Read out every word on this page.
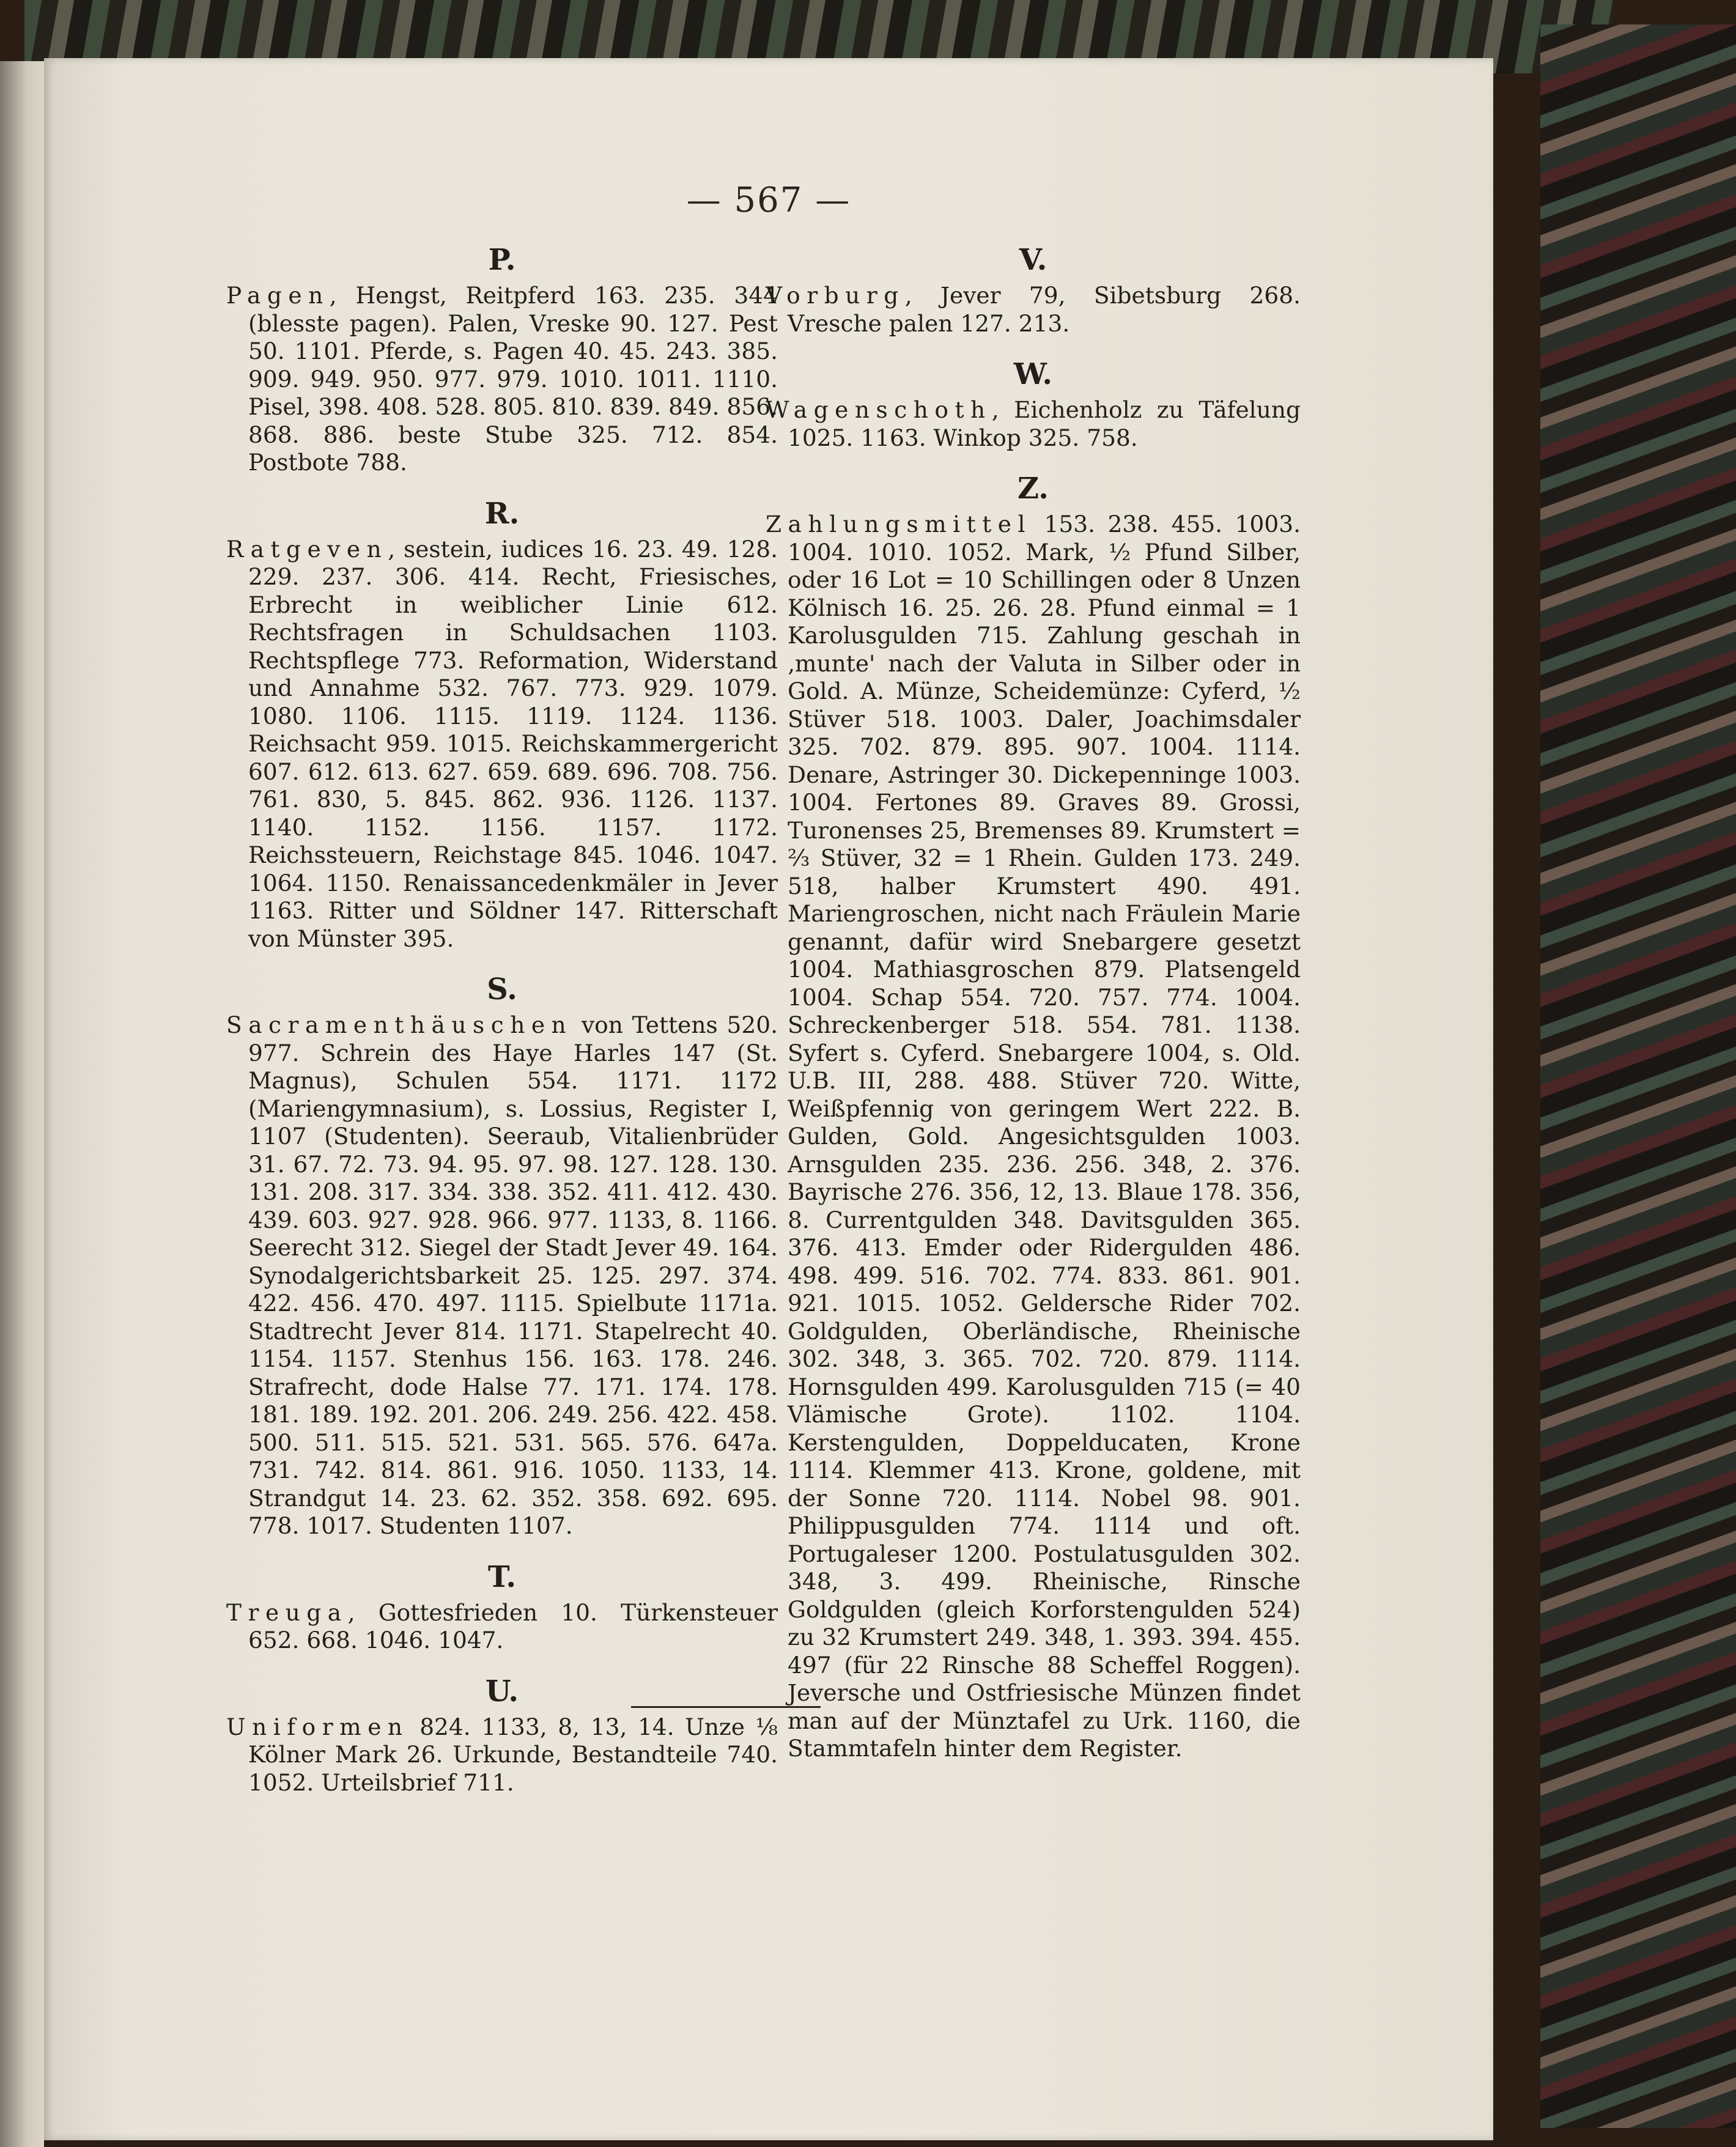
— 567 —
P.

Pagen, Hengst, Reitpferd 163. 235. 344 (blesste pagen). Palen, Vreske 90. 127. Pest 50. 1101. Pferde, s. Pagen 40. 45. 243. 385. 909. 949. 950. 977. 979. 1010. 1011. 1110. Pisel, 398. 408. 528. 805. 810. 839. 849. 856. 868. 886. beste Stube 325. 712. 854. Postbote 788.

R.

Ratgeven, sestein, iudices 16. 23. 49. 128. 229. 237. 306. 414. Recht, Friesisches, Erbrecht in weiblicher Linie 612. Rechtsfragen in Schuldsachen 1103. Rechtspflege 773. Reformation, Widerstand und Annahme 532. 767. 773. 929. 1079. 1080. 1106. 1115. 1119. 1124. 1136. Reichsacht 959. 1015. Reichskammergericht 607. 612. 613. 627. 659. 689. 696. 708. 756. 761. 830, 5. 845. 862. 936. 1126. 1137. 1140. 1152. 1156. 1157. 1172. Reichssteuern, Reichstage 845. 1046. 1047. 1064. 1150. Renaissancedenkmäler in Jever 1163. Ritter und Söldner 147. Ritterschaft von Münster 395.

S.

Sacramenthäuschen von Tettens 520. 977. Schrein des Haye Harles 147 (St. Magnus), Schulen 554. 1171. 1172 (Mariengymnasium), s. Lossius, Register I, 1107 (Studenten). Seeraub, Vitalienbrüder 31. 67. 72. 73. 94. 95. 97. 98. 127. 128. 130. 131. 208. 317. 334. 338. 352. 411. 412. 430. 439. 603. 927. 928. 966. 977. 1133, 8. 1166. Seerecht 312. Siegel der Stadt Jever 49. 164. Synodalgerichtsbarkeit 25. 125. 297. 374. 422. 456. 470. 497. 1115. Spielbute 1171a. Stadtrecht Jever 814. 1171. Stapelrecht 40. 1154. 1157. Stenhus 156. 163. 178. 246. Strafrecht, dode Halse 77. 171. 174. 178. 181. 189. 192. 201. 206. 249. 256. 422. 458. 500. 511. 515. 521. 531. 565. 576. 647a. 731. 742. 814. 861. 916. 1050. 1133, 14. Strandgut 14. 23. 62. 352. 358. 692. 695. 778. 1017. Studenten 1107.

T.

Treuga, Gottesfrieden 10. Türkensteuer 652. 668. 1046. 1047.

U.

Uniformen 824. 1133, 8, 13, 14. Unze ⅛ Kölner Mark 26. Urkunde, Bestandteile 740. 1052. Urteilsbrief 711.

V.

Vorburg, Jever 79, Sibetsburg 268. Vresche palen 127. 213.

W.

Wagenschoth, Eichenholz zu Täfelung 1025. 1163. Winkop 325. 758.

Z.

Zahlungsmittel 153. 238. 455. 1003. 1004. 1010. 1052. Mark, ½ Pfund Silber, oder 16 Lot = 10 Schillingen oder 8 Unzen Kölnisch 16. 25. 26. 28. Pfund einmal = 1 Karolusgulden 715. Zahlung geschah in ‚munte' nach der Valuta in Silber oder in Gold. A. Münze, Scheidemünze: Cyferd, ½ Stüver 518. 1003. Daler, Joachimsdaler 325. 702. 879. 895. 907. 1004. 1114. Denare, Astringer 30. Dickepenninge 1003. 1004. Fertones 89. Graves 89. Grossi, Turonenses 25, Bremenses 89. Krumstert = ⅔ Stüver, 32 = 1 Rhein. Gulden 173. 249. 518, halber Krumstert 490. 491. Mariengroschen, nicht nach Fräulein Marie genannt, dafür wird Snebargere gesetzt 1004. Mathiasgroschen 879. Platsengeld 1004. Schap 554. 720. 757. 774. 1004. Schreckenberger 518. 554. 781. 1138. Syfert s. Cyferd. Snebargere 1004, s. Old. U.B. III, 288. 488. Stüver 720. Witte, Weißpfennig von geringem Wert 222. B. Gulden, Gold. Angesichtsgulden 1003. Arnsgulden 235. 236. 256. 348, 2. 376. Bayrische 276. 356, 12, 13. Blaue 178. 356, 8. Currentgulden 348. Davitsgulden 365. 376. 413. Emder oder Ridergulden 486. 498. 499. 516. 702. 774. 833. 861. 901. 921. 1015. 1052. Geldersche Rider 702. Goldgulden, Oberländische, Rheinische 302. 348, 3. 365. 702. 720. 879. 1114. Hornsgulden 499. Karolusgulden 715 (= 40 Vlämische Grote). 1102. 1104. Kerstengulden, Doppelducaten, Krone 1114. Klemmer 413. Krone, goldene, mit der Sonne 720. 1114. Nobel 98. 901. Philippusgulden 774. 1114 und oft. Portugaleser 1200. Postulatusgulden 302. 348, 3. 499. Rheinische, Rinsche Goldgulden (gleich Korforstengulden 524) zu 32 Krumstert 249. 348, 1. 393. 394. 455. 497 (für 22 Rinsche 88 Scheffel Roggen). Jeversche und Ostfriesische Münzen findet man auf der Münztafel zu Urk. 1160, die Stammtafeln hinter dem Register.
